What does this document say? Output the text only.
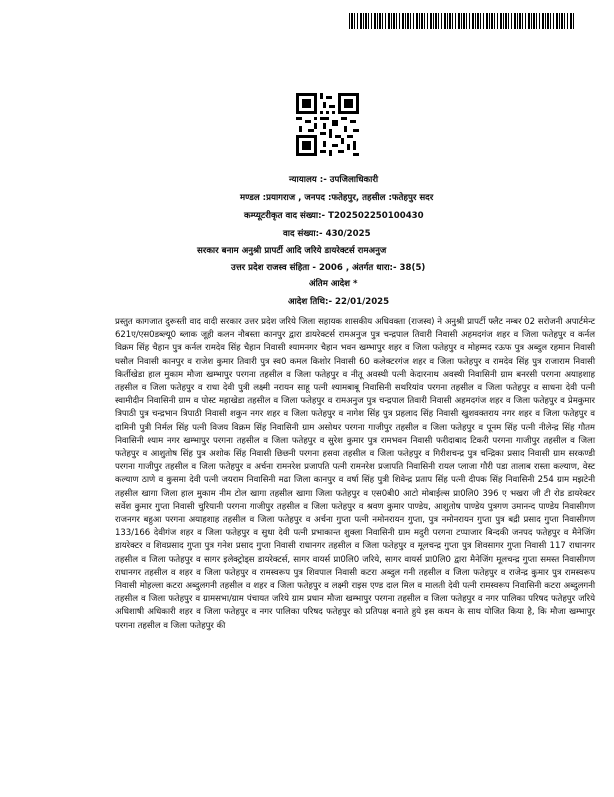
न्यायालय :- उपजिलाधिकारी
मण्डल :प्रयागराज , जनपद :फतेहपुर, तहसील :फतेहपुर सदर
कम्प्यूटरीकृत वाद संख्या:- T202502250100430
वाद संख्या:- 430/2025
सरकार बनाम अनुश्री प्रापर्टी आदि जरिये डायरेक्टर्स रामअनुज
उत्तर प्रदेश राजस्व संहिता - 2006 , अंतर्गत धारा:- 38(5)
अंतिम आदेश *
आदेश तिथि:- 22/01/2025
प्रस्तुत कागजात दुरूस्ती वाद वादी सरकार उत्तर प्रदेश जरिये जिला सहायक शासकीय अधिवक्ता (राजस्व) ने अनुश्री प्रापर्टी फ्लैट नम्बर 02 सरोजनी अपार्टमेन्ट 621ए/एस0डब्ल्यू0 ब्लाक जूही कलन नौबस्ता कानपुर द्वारा डायरेक्टर्स रामअनुज पुत्र चन्द्रपाल तिवारी निवासी अहमदगंज शहर व जिला फतेहपुर व कर्नल विक्रम सिंह चैहान पुत्र कर्नल रामदेव सिंह चैहान निवासी श्यामनगर चैहान भवन खम्भापुर शहर व जिला फतेहपुर व मोहम्मद रऊफ पुत्र अब्दुल रहमान निवासी घसौल निवासी कानपुर व राजेश कुमार तिवारी पुत्र स्व0 कमल किशोर निवासी 60 कलेक्टरगंज शहर व जिला फतेहपुर व रामदेव सिंह पुत्र राजाराम निवासी किर्तीखेडा हाल मुकाम मौजा खम्भापुर परगना तहसील व जिला फतेहपुर व नीतू अवस्थी पत्नी केदारनाथ अवस्थी निवासिनी ग्राम बनरसी परगना अयाहशाह तहसील व जिला फतेहपुर व राधा देवी पुत्री लक्ष्मी नरायन साहू पत्नी श्यामबाबू निवासिनी सथरियांव परगना तहसील व जिला फतेहपुर व साधना देवी पत्नी स्वामीदीन निवासिनी ग्राम व पोस्ट महाखेडा तहसील व जिला फतेहपुर व रामअनुज पुत्र चन्द्रपाल तिवारी निवासी अहमदगंज शहर व जिला फतेहपुर व प्रेमकुमार त्रिपाठी पुत्र चन्द्रभान त्रिपाठी निवासी शकुन नगर शहर व जिला फतेहपुर व नागेश सिंह पुत्र प्रहलाद सिंह निवासी खुशवक्तराय नगर शहर व जिला फतेहपुर व दामिनी पुत्री निर्मल सिंह पत्नी विजय विक्रम सिंह निवासिनी ग्राम असोथर परगना गाजीपुर तहसील व जिला फतेहपुर व पूनम सिंह पत्नी नीलेन्द्र सिंह गौतम निवासिनी श्याम नगर खम्भापुर परगना तहसील व जिला फतेहपुर व सुरेश कुमार पुत्र रामभवन निवासी फरीदाबाद टिकरी परगना गाजीपुर तहसील व जिला फतेहपुर व आशुतोष सिंह पुत्र अशोक सिंह निवासी छिछनी परगना हसवा तहसील व जिला फतेहपुर व गिरीशचन्द्र पुत्र चन्द्रिका प्रसाद निवासी ग्राम सरकण्डी परगना गाजीपुर तहसील व जिला फतेहपुर व अर्चना रामनरेश प्रजापति पत्नी रामनरेश प्रजापति निवासिनी रायल प्लाजा गौरी पडा तालाब रास्ता कल्याण, वेस्ट कल्याण ठाणे व कुसमा देवी पत्नी जयराम निवासिनी मढा जिला कानपुर व वर्षा सिंह पुत्री शिवेन्द्र प्रताप सिंह पत्नी दीपक सिंह निवासिनी 254 ग्राम मझटेनी तहसील खागा जिला हाल मुकाम नीम टोल खागा तहसील खागा जिला फतेहपुर व एस0बी0 आटो मोबाईल्स प्रा0लि0 396 ए भखरा जी टी रोड डायरेक्टर सर्वेश कुमार गुप्ता निवासी चुरियानी परगना गाजीपुर तहसील व जिला फतेहपुर व श्रवण कुमार पाण्डेय, आशुतोष पाण्डेय पुत्रगण उमानन्द पाण्डेय निवासीगण राजनगर बहुआ परगना अयाहशाह तहसील व जिला फतेहपुर व अर्चना गुप्ता पत्नी नमोनरायन गुप्ता, पुत्र नमोनरायन गुप्ता पुत्र बद्री प्रसाद गुप्ता निवासीगण 133/166 देवीगंज शहर व जिला फतेहपुर व सुधा देवी पत्नी प्रभाकान्त शुक्ला निवासिनी ग्राम मदुरी परगना टप्पाजार बिन्दकी जनपद फतेहपुर व मैनेजिंग डायरेक्टर व शिवप्रसाद गुप्ता पुत्र गनेश प्रसाद गुप्ता निवासी राधानगर तहसील व जिला फतेहपुर व मूलचन्द्र गुप्ता पुत्र शिवसागर गुप्ता निवासी 117 राधानगर तहसील व जिला फतेहपुर व सागर इलेक्ट्रोड्स डायरेक्टर्स, सागर वायर्स प्रा0लि0 जरिये, सागर वायर्स प्रा0लि0 द्वारा मैनेजिंग मूलचन्द्र गुप्ता समस्त निवासीगण राधानगर तहसील व शहर व जिला फतेहपुर व रामस्वरूप पुत्र शिवपाल निवासी कटरा अब्दुल गनी तहसील व जिला फतेहपुर व राजेन्द्र कुमार पुत्र रामस्वरूप निवासी मोहल्ला कटरा अब्दुलगनी तहसील व शहर व जिला फतेहपुर व लक्ष्मी राइस एण्ड दाल मिल व मालती देवी पत्नी रामस्वरूप निवासिनी कटरा अब्दुलगनी तहसील व जिला फतेहपुर व ग्रामसभा/ग्राम पंचायत जरिये ग्राम प्रधान मौजा खम्भापुर परगना तहसील व जिला फतेहपुर व नगर पालिका परिषद फतेहपुर जरिये अधिशाषी अधिकारी शहर व जिला फतेहपुर व नगर पालिका परिषद फतेहपुर को प्रतिपक्ष बनाते हुये इस कथन के साथ योजित किया है, कि मौजा खम्भापुर परगना तहसील व जिला फतेहपुर की
